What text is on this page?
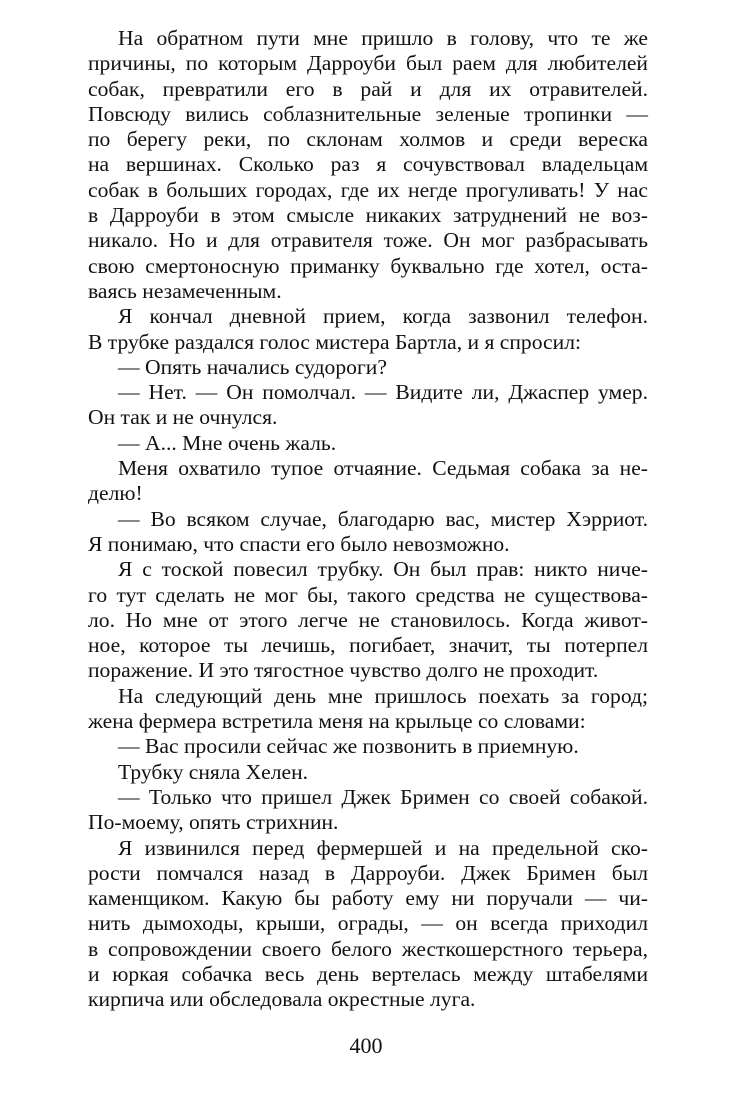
На обратном пути мне пришло в голову, что те же
причины, по которым Дарроуби был раем для любителей
собак, превратили его в рай и для их отравителей.
Повсюду вились соблазнительные зеленые тропинки —
по берегу реки, по склонам холмов и среди вереска
на вершинах. Сколько раз я сочувствовал владельцам
собак в больших городах, где их негде прогуливать! У нас
в Дарроуби в этом смысле никаких затруднений не воз-
никало. Но и для отравителя тоже. Он мог разбрасывать
свою смертоносную приманку буквально где хотел, оста-
ваясь незамеченным.
Я кончал дневной прием, когда зазвонил телефон.
В трубке раздался голос мистера Бартла, и я спросил:
— Опять начались судороги?
— Нет. — Он помолчал. — Видите ли, Джаспер умер.
Он так и не очнулся.
— А... Мне очень жаль.
Меня охватило тупое отчаяние. Седьмая собака за не-
делю!
— Во всяком случае, благодарю вас, мистер Хэрриот.
Я понимаю, что спасти его было невозможно.
Я с тоской повесил трубку. Он был прав: никто ниче-
го тут сделать не мог бы, такого средства не существова-
ло. Но мне от этого легче не становилось. Когда живот-
ное, которое ты лечишь, погибает, значит, ты потерпел
поражение. И это тягостное чувство долго не проходит.
На следующий день мне пришлось поехать за город;
жена фермера встретила меня на крыльце со словами:
— Вас просили сейчас же позвонить в приемную.
Трубку сняла Хелен.
— Только что пришел Джек Бримен со своей собакой.
По-моему, опять стрихнин.
Я извинился перед фермершей и на предельной ско-
рости помчался назад в Дарроуби. Джек Бримен был
каменщиком. Какую бы работу ему ни поручали — чи-
нить дымоходы, крыши, ограды, — он всегда приходил
в сопровождении своего белого жесткошерстного терьера,
и юркая собачка весь день вертелась между штабелями
кирпича или обследовала окрестные луга.
400
